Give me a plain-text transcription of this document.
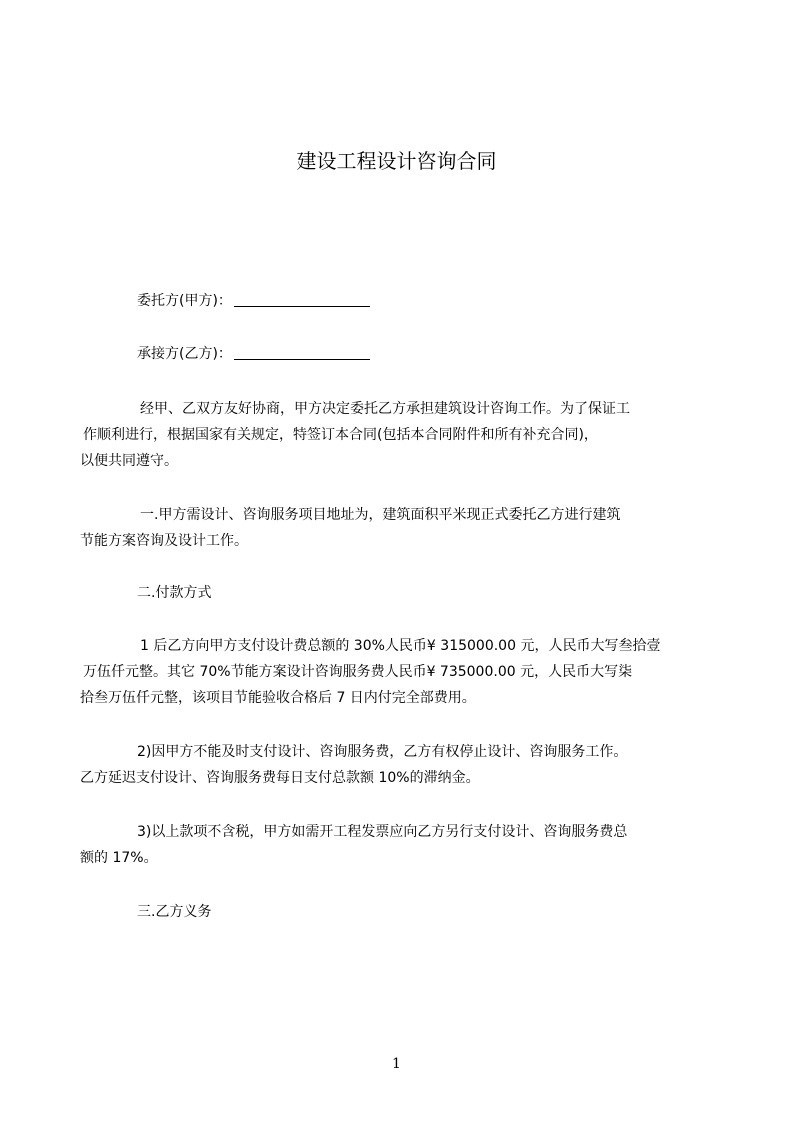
建设工程设计咨询合同
委托方(甲方)：
承接方(乙方)：
经甲、乙双方友好协商，甲方决定委托乙方承担建筑设计咨询工作。为了保证工
作顺利进行，根据国家有关规定，特签订本合同(包括本合同附件和所有补充合同)，
以便共同遵守。
一.甲方需设计、咨询服务项目地址为，建筑面积平米现正式委托乙方进行建筑
节能方案咨询及设计工作。
二.付款方式
1 后乙方向甲方支付设计费总额的 30%人民币¥ 315000.00 元，人民币大写叁拾壹
万伍仟元整。其它 70%节能方案设计咨询服务费人民币¥ 735000.00 元，人民币大写柒
拾叁万伍仟元整，该项目节能验收合格后 7 日内付完全部费用。
2)因甲方不能及时支付设计、咨询服务费，乙方有权停止设计、咨询服务工作。
乙方延迟支付设计、咨询服务费每日支付总款额 10%的滞纳金。
3)以上款项不含税，甲方如需开工程发票应向乙方另行支付设计、咨询服务费总
额的 17%。
三.乙方义务
1
